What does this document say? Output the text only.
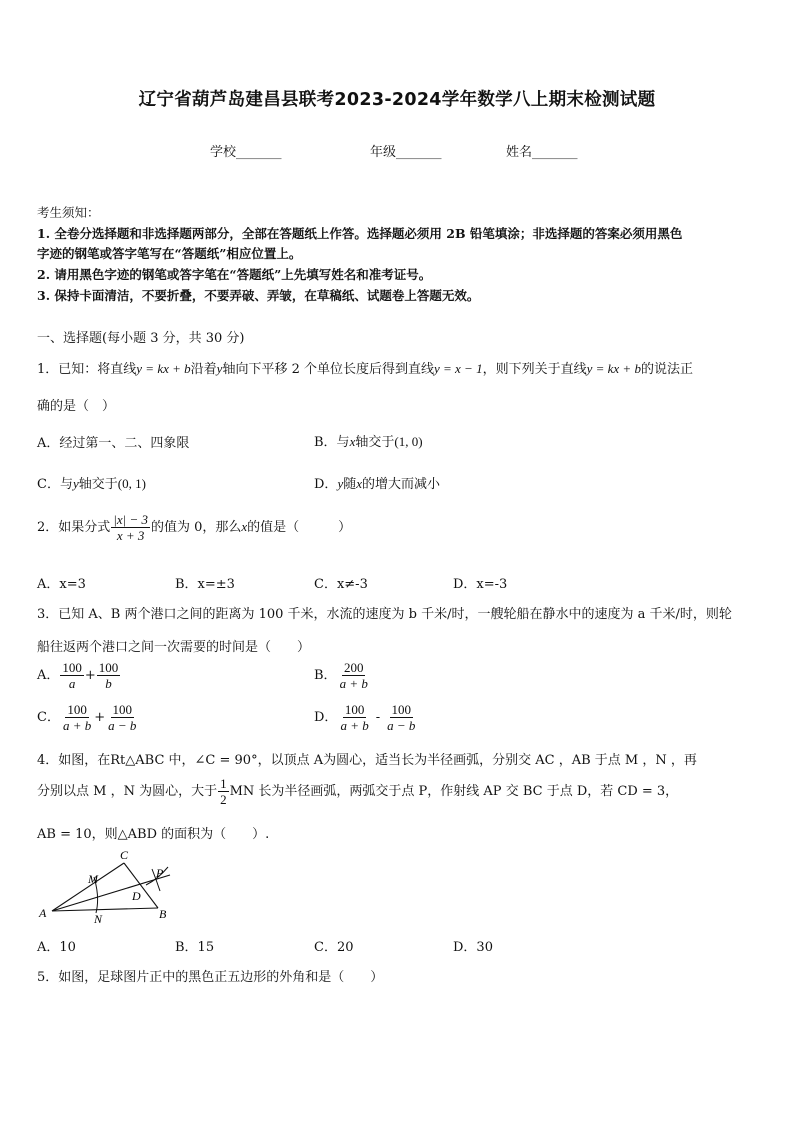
辽宁省葫芦岛建昌县联考2023-2024学年数学八上期末检测试题
学校_______	年级_______	姓名_______
考生须知：
1. 全卷分选择题和非选择题两部分，全部在答题纸上作答。选择题必须用 2B 铅笔填涂；非选择题的答案必须用黑色
字迹的钢笔或答字笔写在“答题纸”相应位置上。
2. 请用黑色字迹的钢笔或答字笔在“答题纸”上先填写姓名和准考证号。
3. 保持卡面清洁，不要折叠，不要弄破、弄皱，在草稿纸、试题卷上答题无效。
一、选择题(每小题 3 分，共 30 分)
1．已知：将直线y = kx + b沿着y轴向下平移 2 个单位长度后得到直线y = x − 1，则下列关于直线y = kx + b的说法正
确的是（　）
A．经过第一、二、四象限	B．与x轴交于(1, 0)
C．与y轴交于(0, 1)	D．y随x的增大而减小
2．如果分式 $\frac{|x| - 3}{x + 3}$ 的值为 0，那么x的值是（　　　）
A．x=3	B．x=±3	C．x≠-3	D．x=-3
3．已知 A、B 两个港口之间的距离为 100 千米，水流的速度为 b 千米/时，一艘轮船在静水中的速度为 a 千米/时，则轮
船往返两个港口之间一次需要的时间是（　　）
A． $\frac{100}{a} + \frac{100}{b}$	B． $\frac{200}{a + b}$
C． $\frac{100}{a + b} + \frac{100}{a - b}$	D． $\frac{100}{a + b} - \frac{100}{a - b}$
4．如图，在Rt△ABC 中，∠C = 90°，以顶点 A为圆心，适当长为半径画弧，分别交 AC ，AB 于点 M ，N ，再
分别以点 M ，N 为圆心，大于 $\frac{1}{2}$ MN 长为半径画弧，两弧交于点 P，作射线 AP 交 BC 于点 D，若 CD = 3，
AB = 10，则△ABD 的面积为（　　）.
C
M	P
D
A	N	B
A．10	B．15	C．20	D．30
5．如图，足球图片正中的黑色正五边形的外角和是（　　）
